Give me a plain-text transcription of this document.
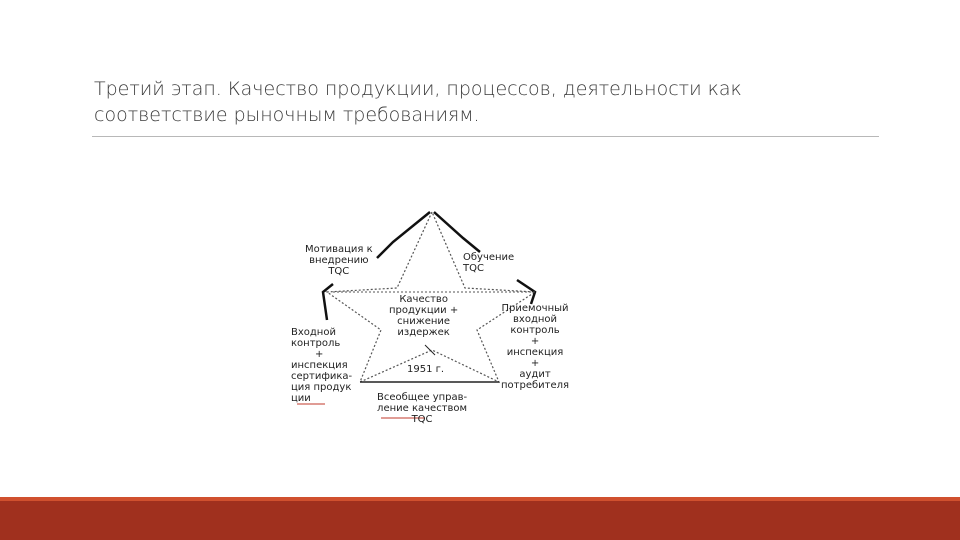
Третий этап. Качество продукции, процессов, деятельности как
соответствие рыночным требованиям.
Мотивация к
внедрению
TQC
Обучение
TQC
Качество
продукции +
снижение
издержек
1951 г.
Входной
контроль
+
инспекция
сертифика-
ция продук
ции
Приемочный
входной
контроль
+
инспекция
+
аудит
потребителя
Всеобщее управ-
ление качеством
TQC
